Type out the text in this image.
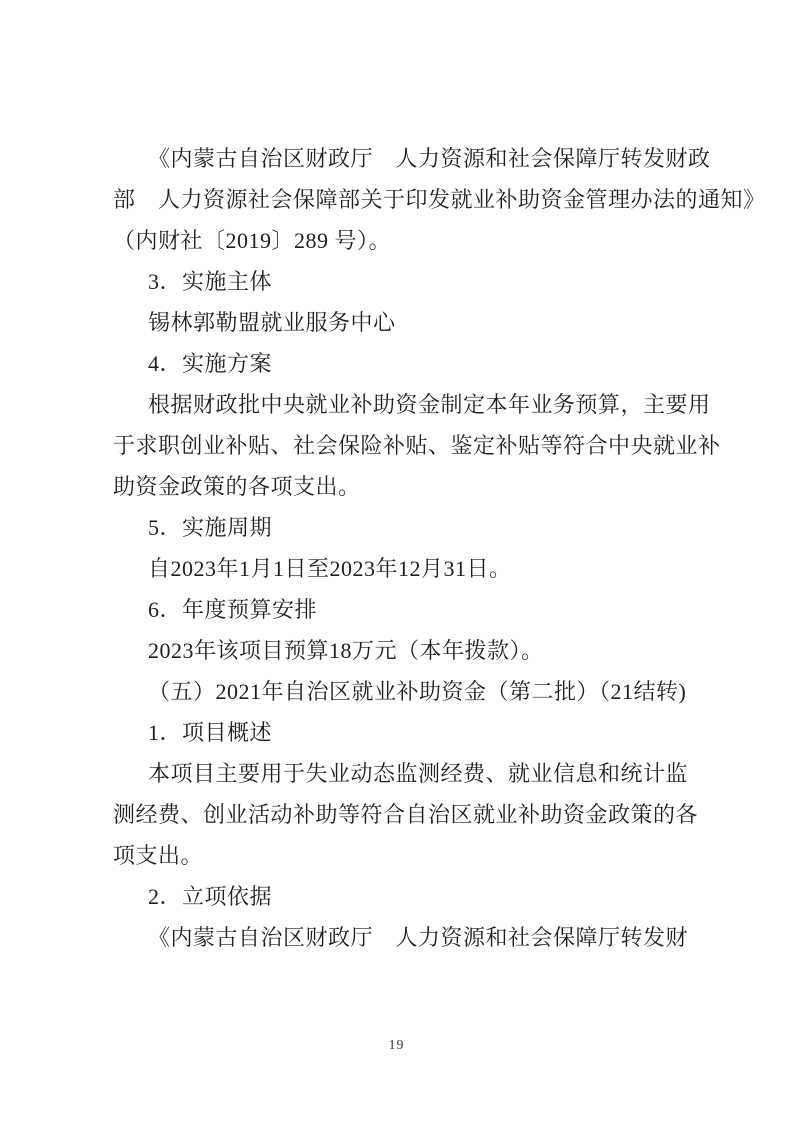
《内蒙古自治区财政厅　人力资源和社会保障厅转发财政
部　人力资源社会保障部关于印发就业补助资金管理办法的通知》
（内财社〔2019〕289 号）。
3．实施主体
锡林郭勒盟就业服务中心
4．实施方案
根据财政批中央就业补助资金制定本年业务预算，主要用
于求职创业补贴、社会保险补贴、鉴定补贴等符合中央就业补
助资金政策的各项支出。
5．实施周期
自2023年1月1日至2023年12月31日。
6．年度预算安排
2023年该项目预算18万元（本年拨款）。
（五）2021年自治区就业补助资金（第二批）（21结转)
1．项目概述
本项目主要用于失业动态监测经费、就业信息和统计监
测经费、创业活动补助等符合自治区就业补助资金政策的各
项支出。
2．立项依据
《内蒙古自治区财政厅　人力资源和社会保障厅转发财
19
